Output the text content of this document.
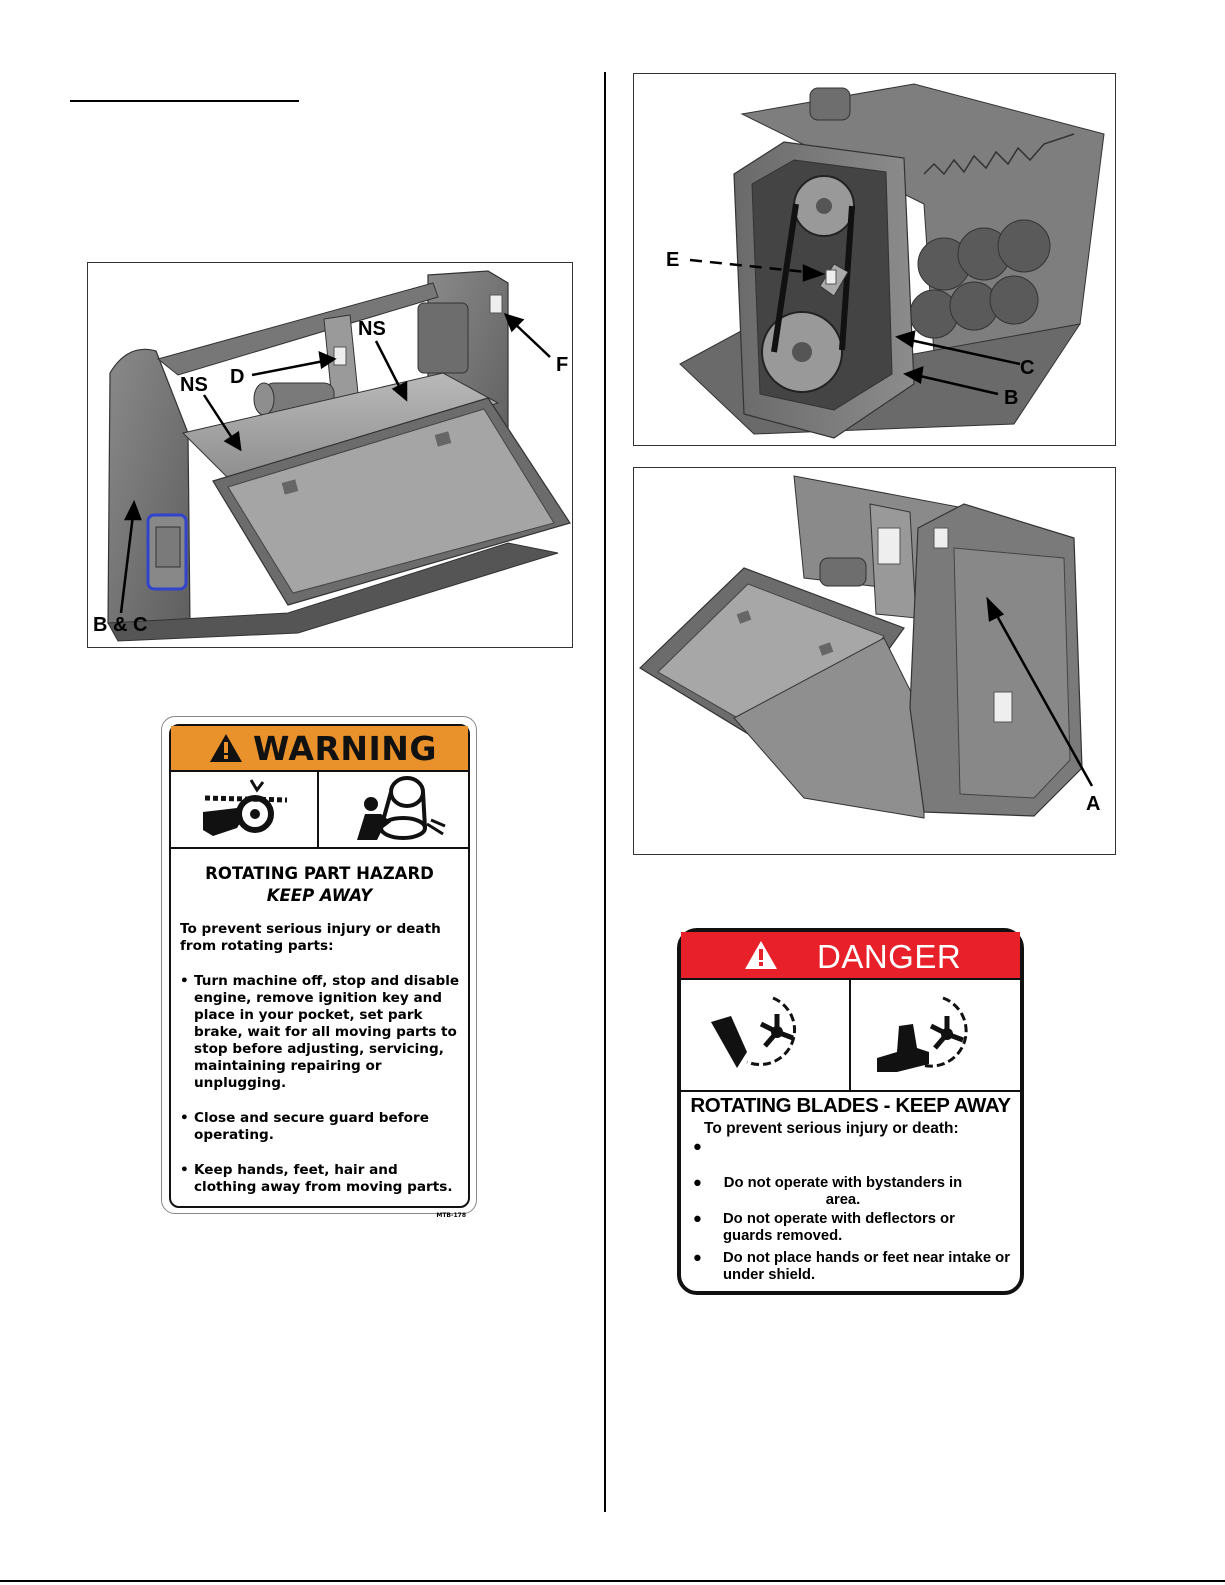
NS D
NS
F
B & C
E
C
B
A
WARNING
ROTATING PART HAZARD
KEEP AWAY

To prevent serious injury or death from rotating parts:

• Turn machine off, stop and disable engine, remove ignition key and place in your pocket, set park brake, wait for all moving parts to stop before adjusting, servicing, maintaining repairing or unplugging.
• Close and secure guard before operating.
• Keep hands, feet, hair and clothing away from moving parts.
MTB-178
DANGER
ROTATING BLADES - KEEP AWAY
To prevent serious injury or death:
●
● Do not operate with bystanders in area.
● Do not operate with deflectors or guards removed.
● Do not place hands or feet near intake or under shield.
